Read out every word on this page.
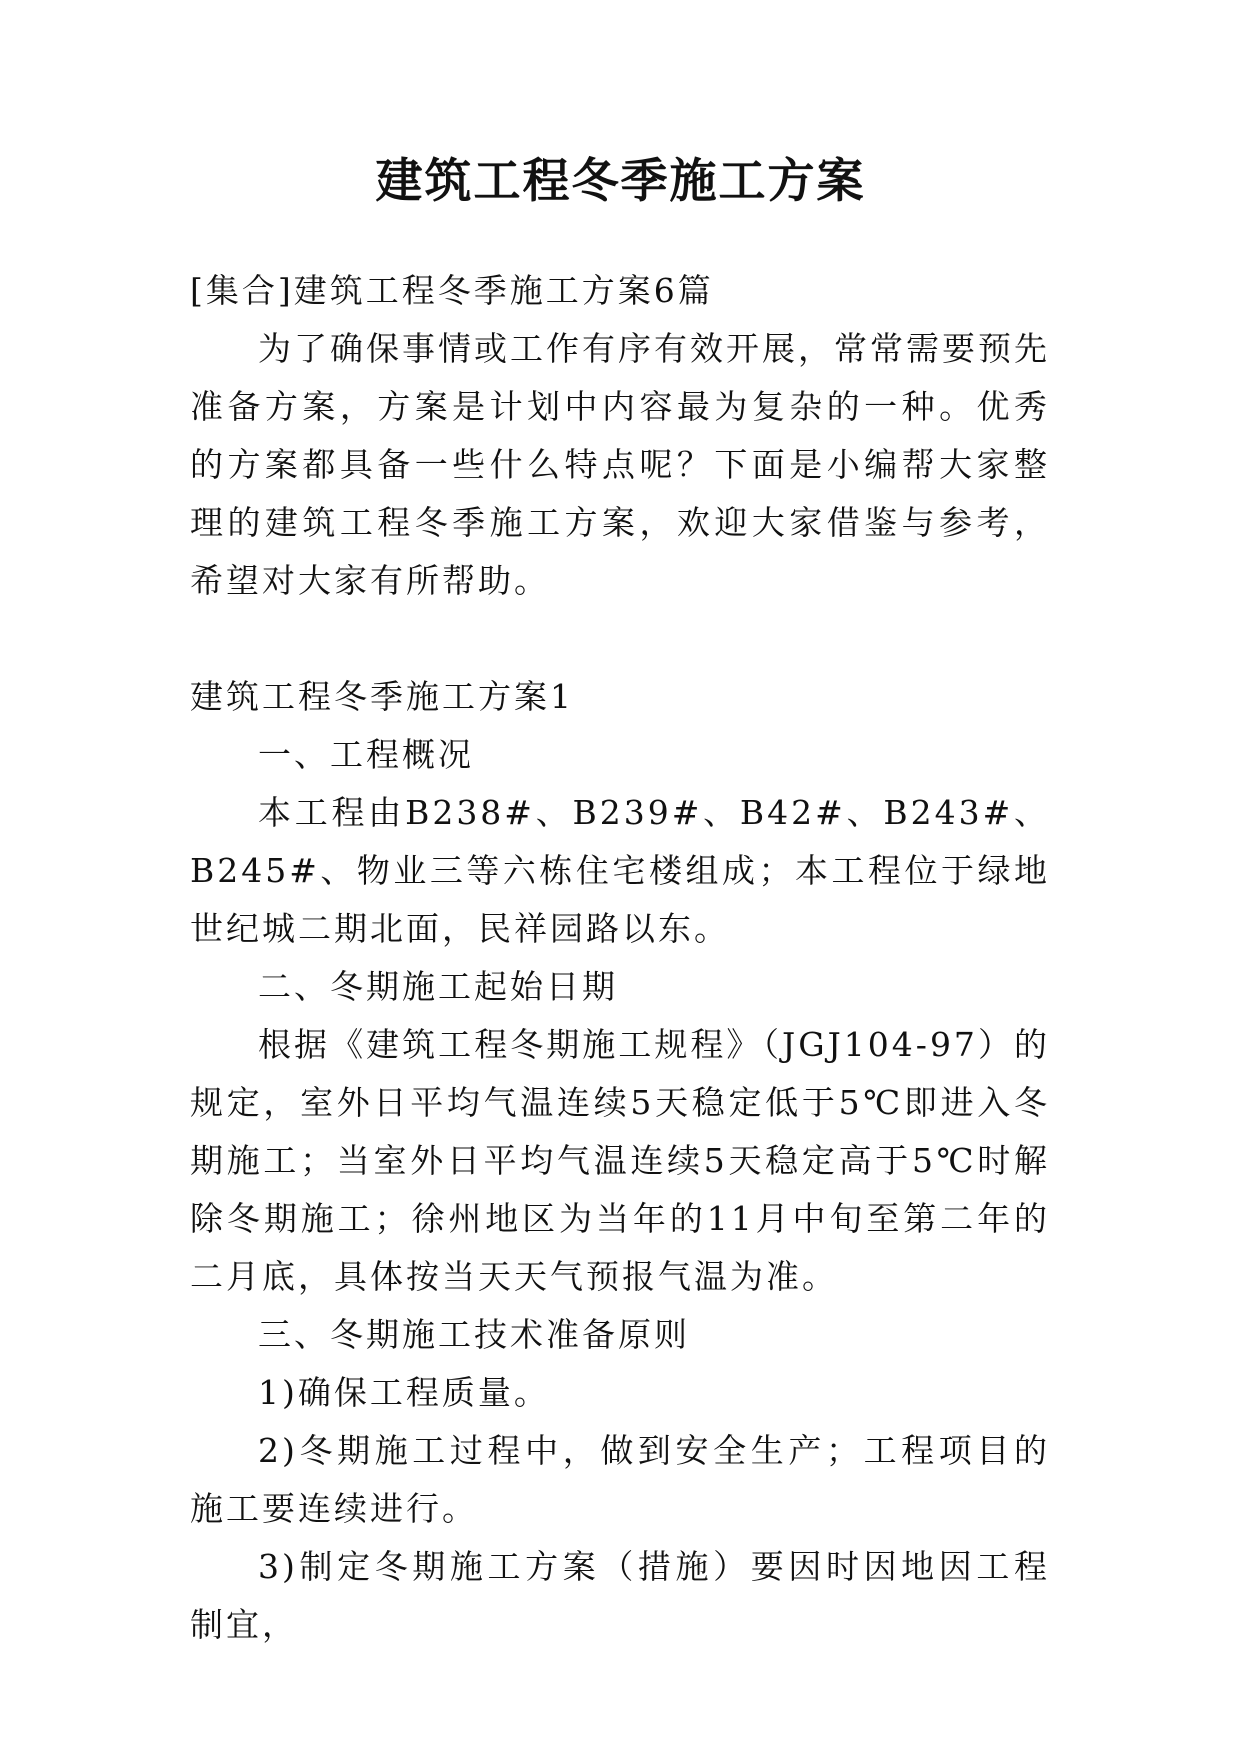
建筑工程冬季施工方案

[集合]建筑工程冬季施工方案6篇

为了确保事情或工作有序有效开展，常常需要预先准备方案，方案是计划中内容最为复杂的一种。优秀的方案都具备一些什么特点呢？下面是小编帮大家整理的建筑工程冬季施工方案，欢迎大家借鉴与参考，希望对大家有所帮助。

建筑工程冬季施工方案1

一、工程概况

本工程由B238#、B239#、B42#、B243#、B245#、物业三等六栋住宅楼组成；本工程位于绿地世纪城二期北面，民祥园路以东。

二、冬期施工起始日期

根据《建筑工程冬期施工规程》（JGJ104-97）的规定，室外日平均气温连续5天稳定低于5℃即进入冬期施工；当室外日平均气温连续5天稳定高于5℃时解除冬期施工；徐州地区为当年的11月中旬至第二年的二月底，具体按当天天气预报气温为准。

三、冬期施工技术准备原则

1)确保工程质量。

2)冬期施工过程中，做到安全生产；工程项目的施工要连续进行。

3)制定冬期施工方案（措施）要因时因地因工程制宜，
